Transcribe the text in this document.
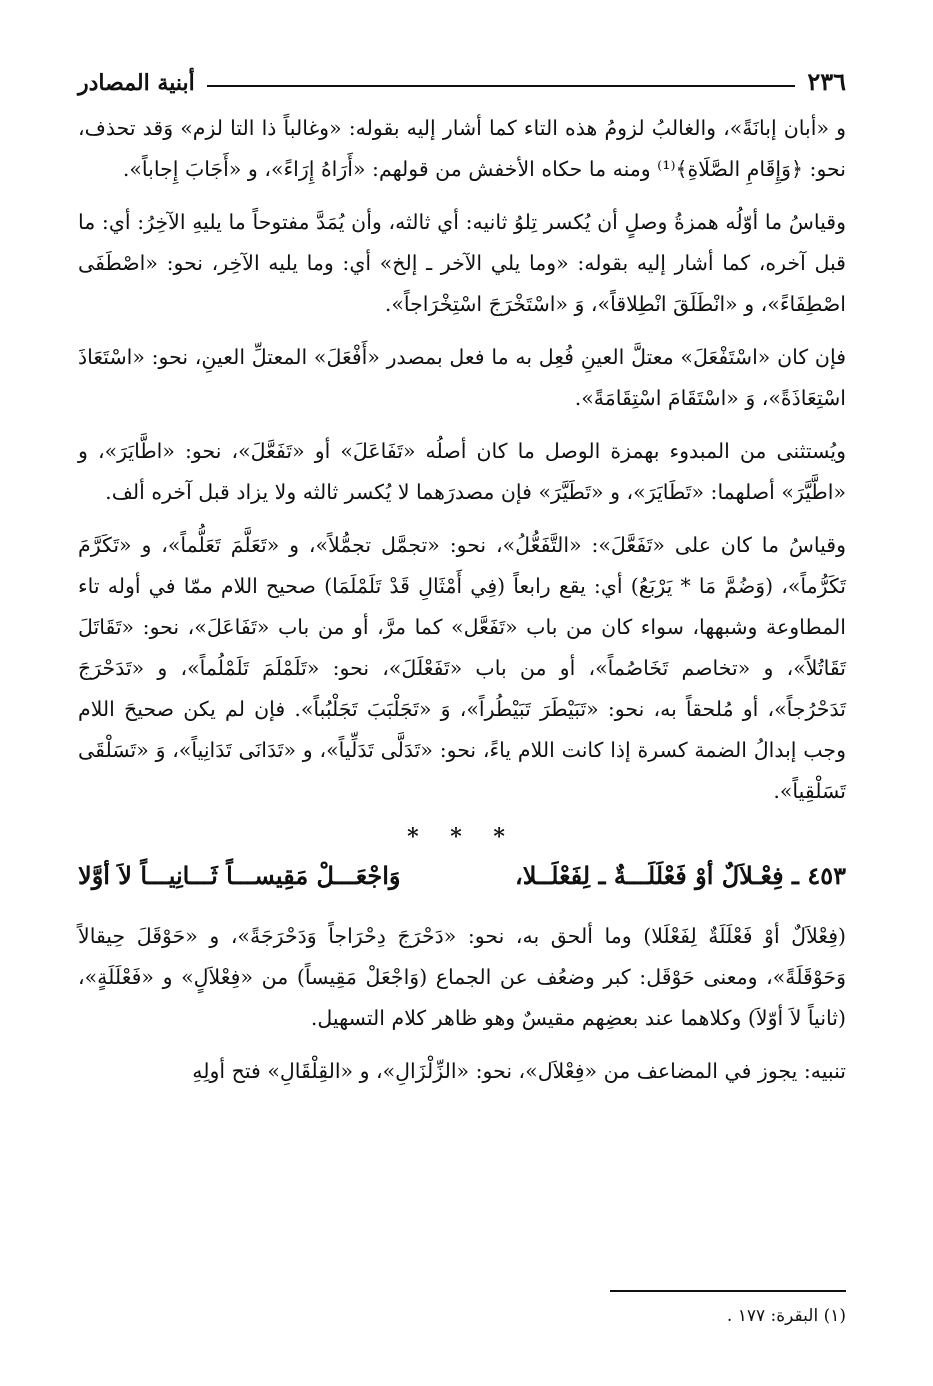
٢٣٦
أبنية المصادر

و «أبان إبانَةً»، والغالبُ لزومُ هذه التاء كما أشار إليه بقوله: «وغالباً ذا التا لزم» وَقد تحذف، نحو: ﴿وَإِقَامِ الصَّلَاةِ﴾⁽¹⁾ ومنه ما حكاه الأخفش من قولهم: «أَرَاهُ إِرَاءً»، و «أَجَابَ إِجاباً».

وقياسُ ما أوّلُه همزةُ وصلٍ أن يُكسر تِلوُ ثانيه: أي ثالثه، وأن يُمَدَّ مفتوحاً ما يليهِ الآخِرُ: أي: ما قبل آخره، كما أشار إليه بقوله: «وما يلي الآخر ـ إلخ» أي: وما يليه الآخِر، نحو: «اصْطَفَى اصْطِفَاءً»، و «انْطَلَقَ انْطِلاقاً»، وَ «اسْتَخْرَجَ اسْتِخْرَاجاً».

فإن كان «اسْتَفْعَلَ» معتلَّ العينِ فُعِل به ما فعل بمصدر «أَفْعَلَ» المعتلِّ العينِ، نحو: «اسْتَعَاذَ اسْتِعَاذَةً»، وَ «اسْتَقَامَ اسْتِقَامَةً».

ويُستثنى من المبدوء بهمزة الوصل ما كان أصلُه «تَفَاعَلَ» أو «تَفَعَّلَ»، نحو: «اطَّايَرَ»، و «اطَّيَّرَ» أصلهما: «تَطَايَرَ»، و «تَطَيَّرَ» فإن مصدرَهما لا يُكسر ثالثه ولا يزاد قبل آخره ألف.

وقياسُ ما كان على «تَفَعَّلَ»: «التَّفَعُّلُ»، نحو: «تجمَّل تجمُّلاً»، و «تَعَلَّمَ تَعَلُّماً»، و «تَكَرَّمَ تَكَرُّماً»، (وَضُمَّ مَا * يَرْبَعُ) أي: يقع رابعاً (فِي أَمْثَالِ قَدْ تَلَمْلَمَا) صحيح اللام ممّا في أوله تاء المطاوعة وشبهها، سواء كان من باب «تَفَعَّل» كما مرَّ، أو من باب «تَفَاعَلَ»، نحو: «تَقَاتَلَ تَقَاتُلاً»، و «تخاصم تَخَاصُماً»، أو من باب «تَفَعْلَلَ»، نحو: «تَلَمْلَمَ تَلَمْلُماً»، و «تَدَحْرَجَ تَدَحْرُجاً»، أو مُلحقاً به، نحو: «تَبَيْطَرَ تَبَيْطُراً»، وَ «تَجَلْبَبَ تَجَلْبُباً». فإن لم يكن صحيحَ اللام وجب إبدالُ الضمة كسرة إذا كانت اللام ياءً، نحو: «تَدَلَّى تَدَلِّياً»، و «تَدَانَى تَدَانِياً»، وَ «تَسَلْقَى تَسَلْقِياً».

* * *
٤٥٣ ـ فِعْـلاَلٌ أوْ فَعْلَلَـــةٌ ـ لِفَعْلَــلا،
وَاجْعَـــلْ مَقِيســـاً ثَـــانِيـــاً لاَ أوَّلا

(فِعْلاَلٌ أوْ فَعْلَلَةٌ لِفَعْلَلا) وما ألحق به، نحو: «دَحْرَجَ دِحْرَاجاً وَدَحْرَجَةً»، و «حَوْقَلَ حِيقالاً وَحَوْقَلَةً»، ومعنى حَوْقَل: كبر وضعُف عن الجماع (وَاجْعَلْ مَقِيساً) من «فِعْلاَلٍ» و «فَعْلَلَةٍ»، (ثانياً لاَ أوّلاَ) وكلاهما عند بعضِهم مقيسٌ وهو ظاهر كلام التسهيل.

تنبيه: يجوز في المضاعف من «فِعْلاَل»، نحو: «الزِّلْزَالِ»، و «القِلْقَالِ» فتح أولِهِ

(١) البقرة: ١٧٧ .
